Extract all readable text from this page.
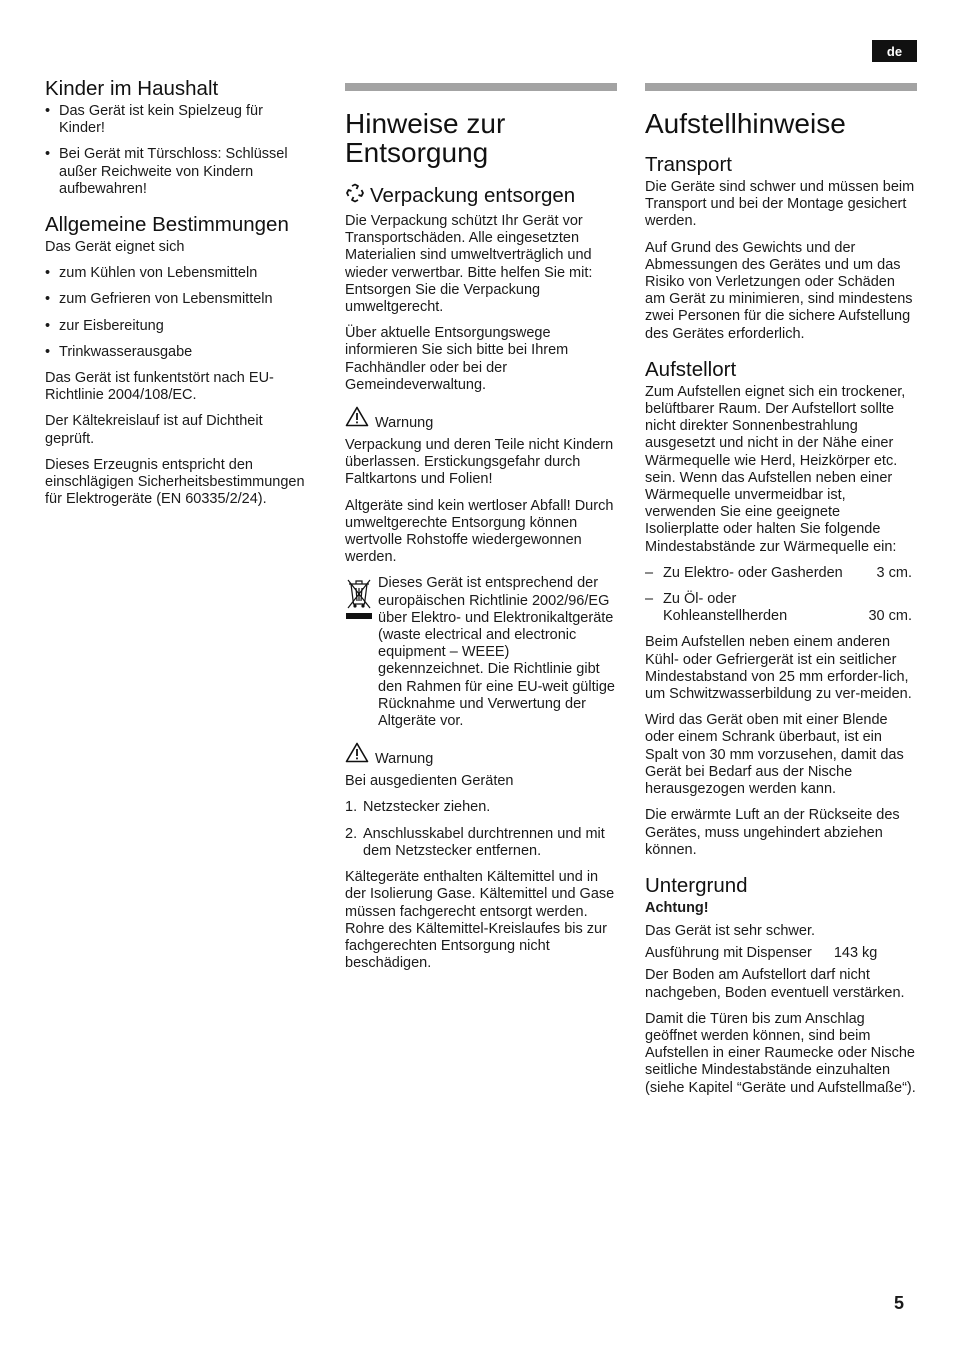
de
Kinder im Haushalt
• Das Gerät ist kein Spielzeug für Kinder!
• Bei Gerät mit Türschloss: Schlüssel außer Reichweite von Kindern aufbewahren!
Allgemeine Bestimmungen

Das Gerät eignet sich

• zum Kühlen von Lebensmitteln
• zum Gefrieren von Lebensmitteln
• zur Eisbereitung
• Trinkwasserausgabe

Das Gerät ist funkentstört nach EU-Richtlinie 2004/108/EC.

Der Kältekreislauf ist auf Dichtheit geprüft.

Dieses Erzeugnis entspricht den einschlägigen Sicherheitsbestimmungen für Elektrogeräte (EN 60335/2/24).

Hinweise zur Entsorgung
Verpackung entsorgen

Die Verpackung schützt Ihr Gerät vor Transportschäden. Alle eingesetzten Materialien sind umweltverträglich und wieder verwertbar. Bitte helfen Sie mit: Entsorgen Sie die Verpackung umweltgerecht.

Über aktuelle Entsorgungswege informieren Sie sich bitte bei Ihrem Fachhändler oder bei der Gemeindeverwaltung.

Warnung

Verpackung und deren Teile nicht Kindern überlassen. Erstickungsgefahr durch Faltkartons und Folien!

Altgeräte sind kein wertloser Abfall! Durch umweltgerechte Entsorgung können wertvolle Rohstoffe wiedergewonnen werden.

Dieses Gerät ist entsprechend der europäischen Richtlinie 2002/96/EG über Elektro- und Elektronikaltgeräte (waste electrical and electronic equipment – WEEE) gekennzeichnet. Die Richtlinie gibt den Rahmen für eine EU-weit gültige Rücknahme und Verwertung der Altgeräte vor.

Warnung

Bei ausgedienten Geräten

1. Netzstecker ziehen.
2. Anschlusskabel durchtrennen und mit dem Netzstecker entfernen.

Kältegeräte enthalten Kältemittel und in der Isolierung Gase. Kältemittel und Gase müssen fachgerecht entsorgt werden. Rohre des Kältemittel-Kreislaufes bis zur fachgerechten Entsorgung nicht beschädigen.

Aufstellhinweise
Transport

Die Geräte sind schwer und müssen beim Transport und bei der Montage gesichert werden.

Auf Grund des Gewichts und der Abmessungen des Gerätes und um das Risiko von Verletzungen oder Schäden am Gerät zu minimieren, sind mindestens zwei Personen für die sichere Aufstellung des Gerätes erforderlich.

Aufstellort

Zum Aufstellen eignet sich ein trockener, belüftbarer Raum. Der Aufstellort sollte nicht direkter Sonnenbestrahlung ausgesetzt und nicht in der Nähe einer Wärmequelle wie Herd, Heizkörper etc. sein. Wenn das Aufstellen neben einer Wärmequelle unvermeidbar ist, verwenden Sie eine geeignete Isolierplatte oder halten Sie folgende Mindestabstände zur Wärmequelle ein:

– Zu Elektro- oder Gasherden 3 cm.
– Zu Öl- oder Kohleanstellherden	30 cm.

Beim Aufstellen neben einem anderen Kühl- oder Gefriergerät ist ein seitlicher Mindestabstand von 25 mm erforder-lich, um Schwitzwasserbildung zu ver-meiden.

Wird das Gerät oben mit einer Blende oder einem Schrank überbaut, ist ein Spalt von 30 mm vorzusehen, damit das Gerät bei Bedarf aus der Nische herausgezogen werden kann.

Die erwärmte Luft an der Rückseite des Gerätes, muss ungehindert abziehen können.

Untergrund
Achtung!
Das Gerät ist sehr schwer.
Ausführung mit Dispenser 143 kg

Der Boden am Aufstellort darf nicht nachgeben, Boden eventuell verstärken.

Damit die Türen bis zum Anschlag geöffnet werden können, sind beim Aufstellen in einer Raumecke oder Nische seitliche Mindestabstände einzuhalten (siehe Kapitel “Geräte und Aufstellmaße“).

5
